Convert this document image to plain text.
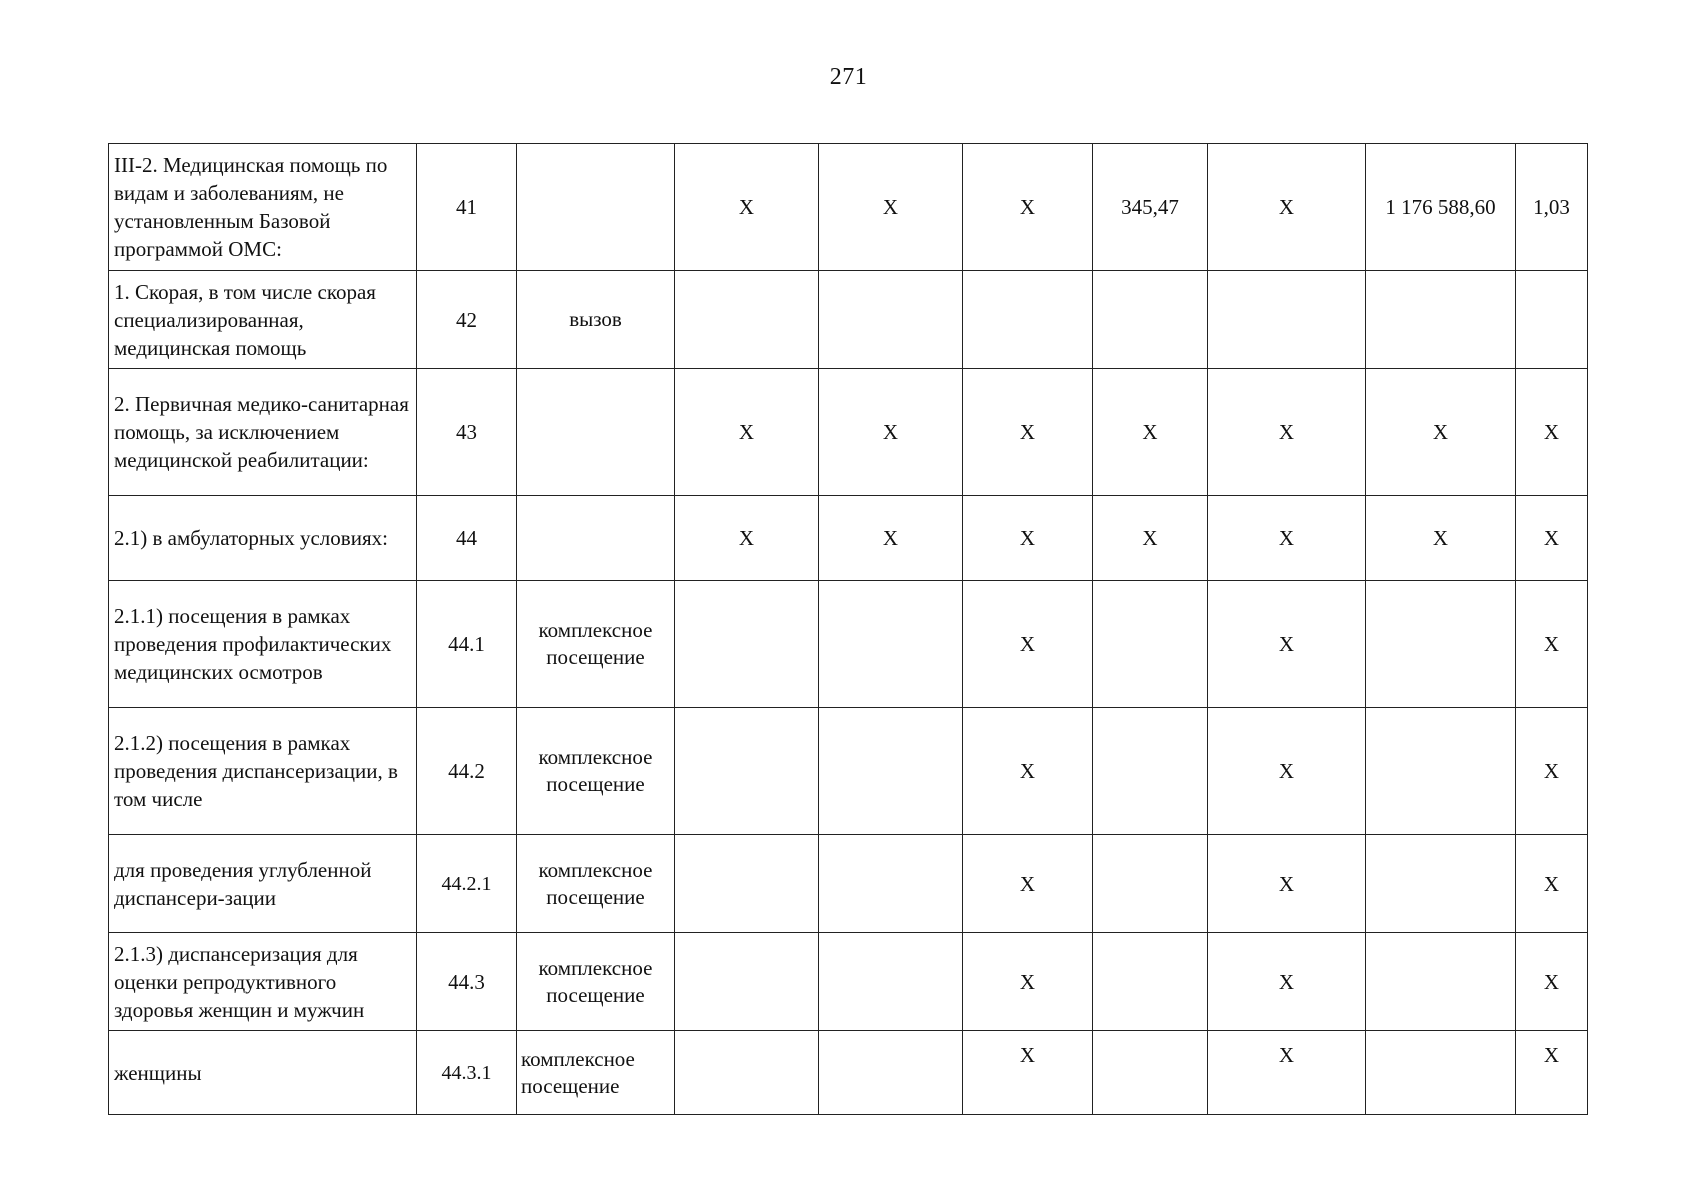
271
III-2. Медицинская помощь по видам и заболеваниям, не установленным Базовой программой ОМС:	41		Х	Х	Х	345,47	Х	1 176 588,60	1,03
1. Скорая, в том числе скорая специализированная, медицинская помощь	42	вызов							
2. Первичная медико-санитарная помощь, за исключением медицинской реабилитации:	43		Х	Х	Х	Х	Х	Х	Х
2.1) в амбулаторных условиях:	44		Х	Х	Х	Х	Х	Х	Х
2.1.1) посещения в рамках проведения профилактических медицинских осмотров	44.1	комплексное посещение			Х		Х		Х
2.1.2) посещения в рамках проведения диспансеризации, в том числе	44.2	комплексное посещение			Х		Х		Х
для проведения углубленной диспансери-зации	44.2.1	комплексное посещение			Х		Х		Х
2.1.3) диспансеризация для оценки репродуктивного здоровья женщин и мужчин	44.3	комплексное посещение			Х		Х		Х
женщины	44.3.1	комплексное посещение			Х		Х		Х
